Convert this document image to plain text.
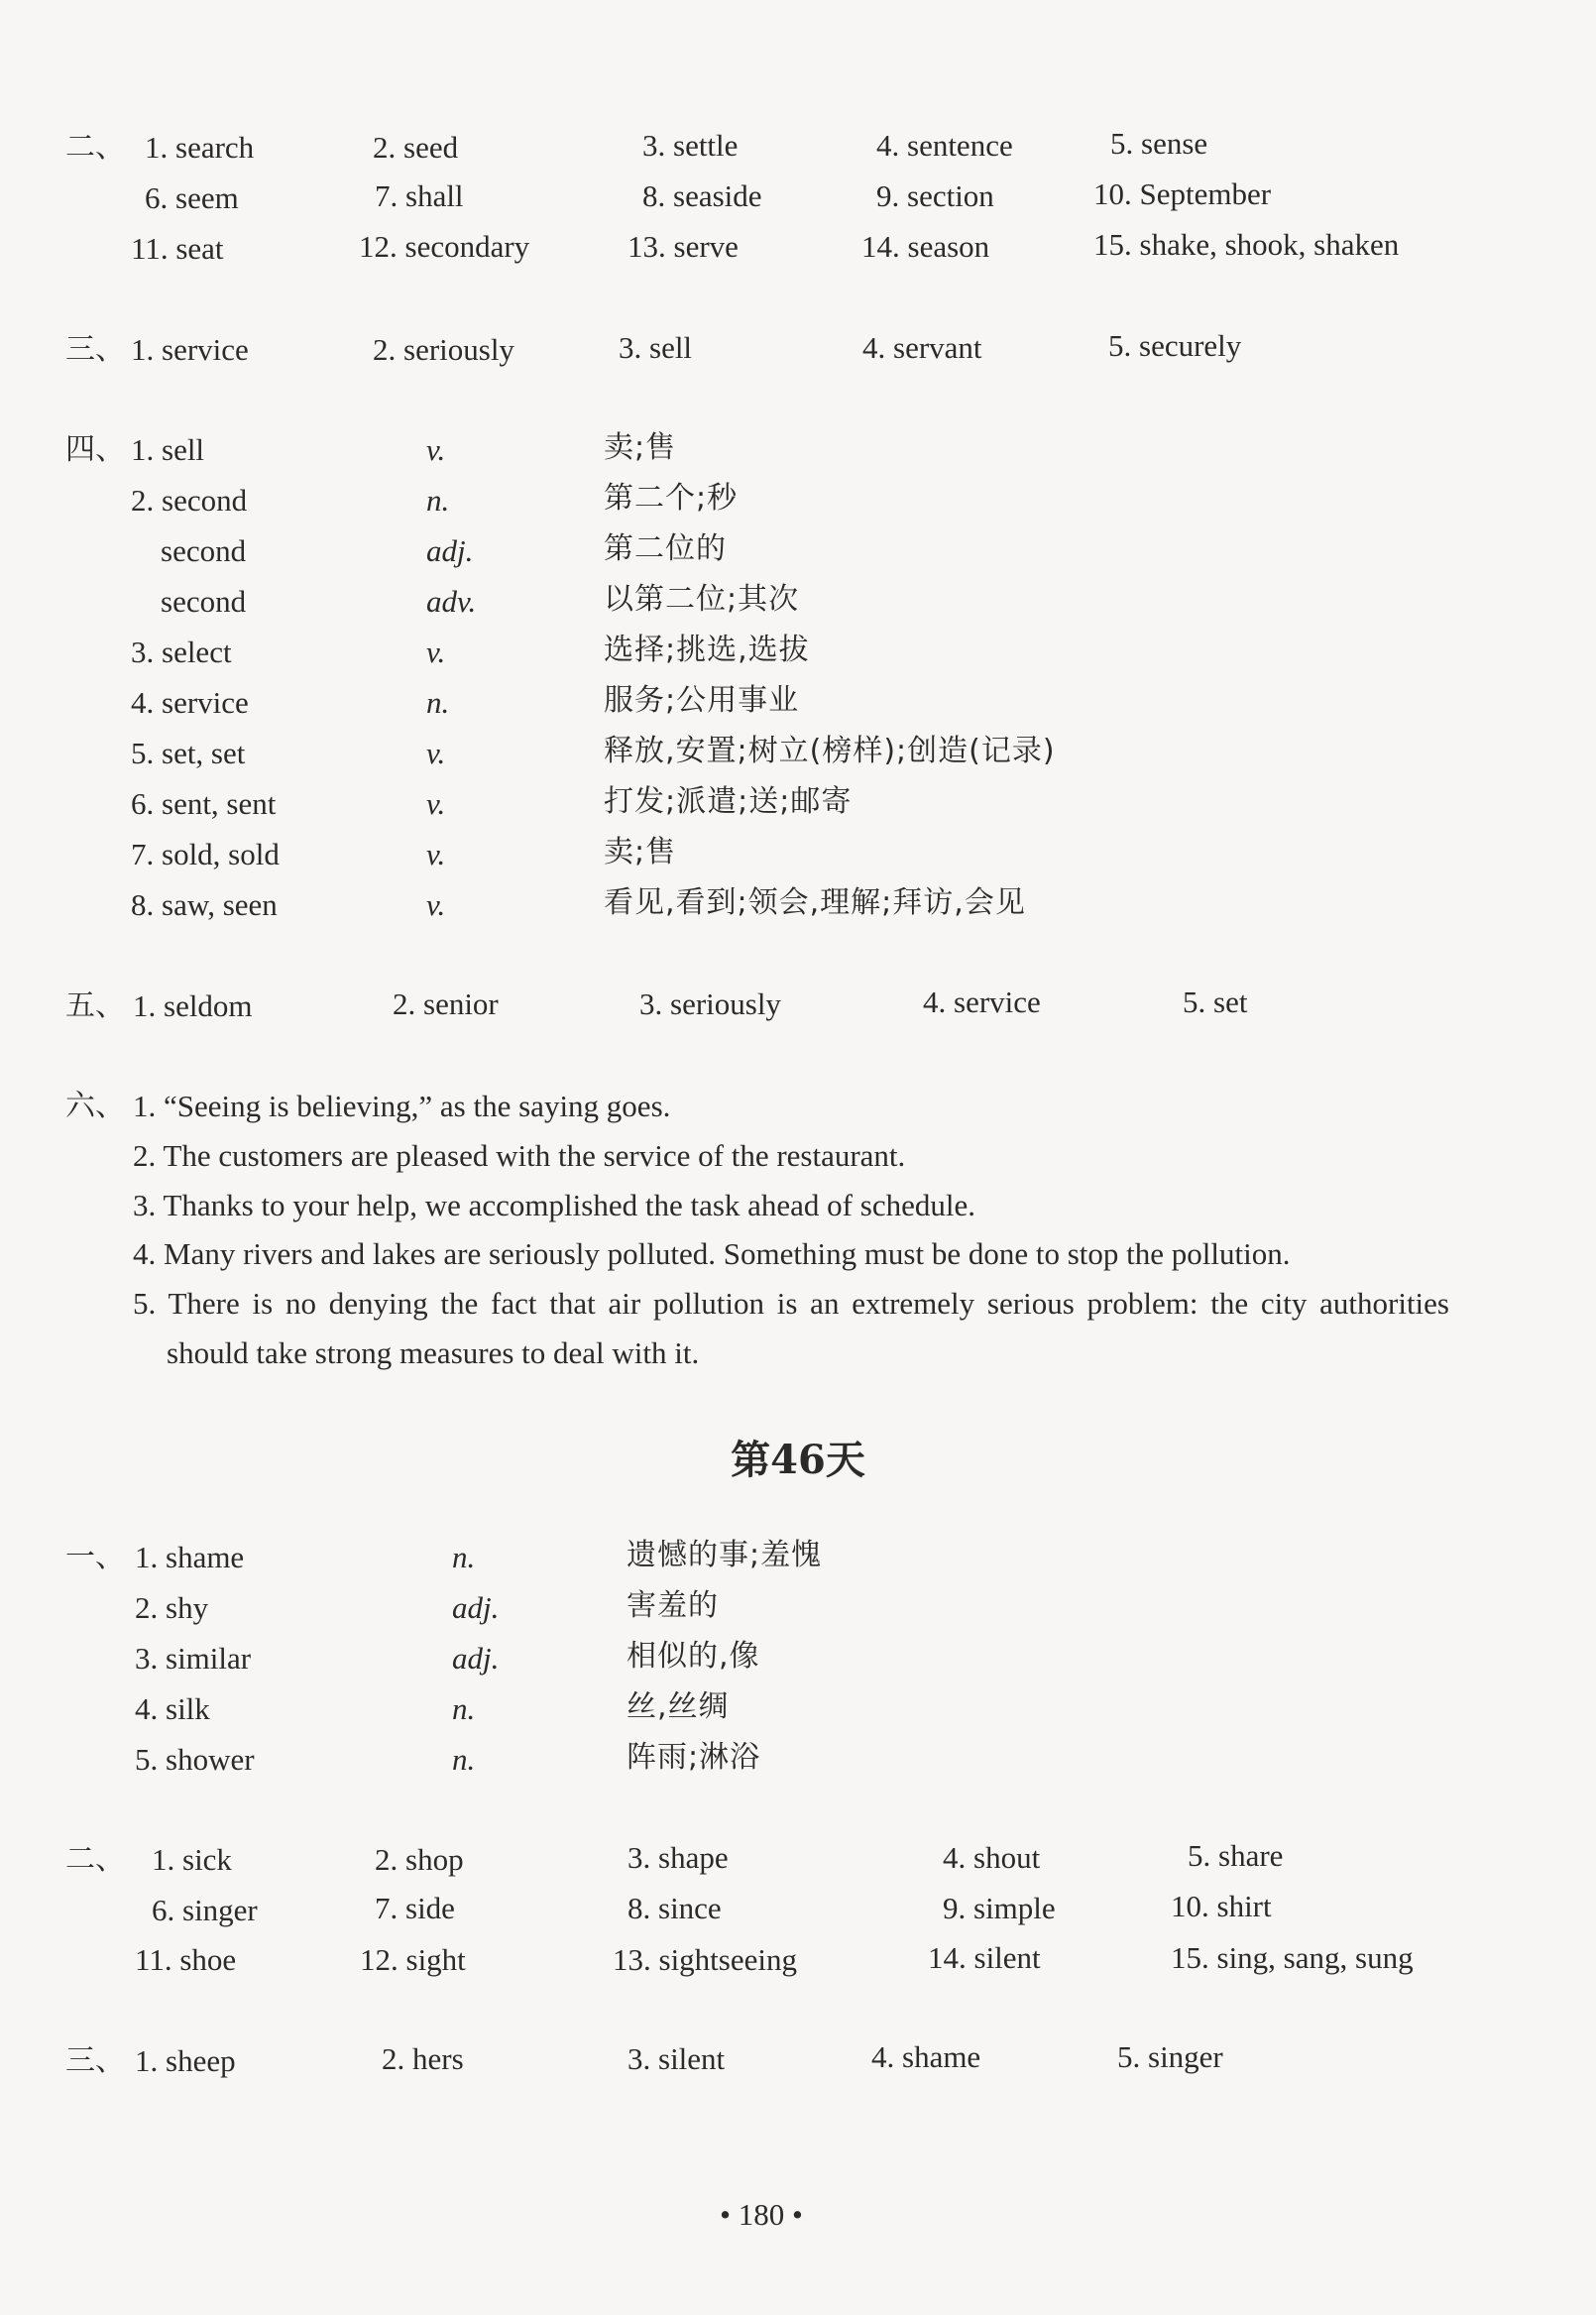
二、 1. search	2. seed	3. settle	4. sentence	5. sense
6. seem	7. shall	8. seaside	9. section	10. September
11. seat	12. secondary	13. serve	14. season	15. shake, shook, shaken
三、 1. service	2. seriously	3. sell	4. servant	5. securely
四、 1. sell	v.	卖;售
2. second	n.	第二个;秒
second	adj.	第二位的
second	adv.	以第二位;其次
3. select	v.	选择;挑选,选拔
4. service	n.	服务;公用事业
5. set, set	v.	释放,安置;树立(榜样);创造(记录)
6. sent, sent	v.	打发;派遣;送;邮寄
7. sold, sold	v.	卖;售
8. saw, seen	v.	看见,看到;领会,理解;拜访,会见
五、 1. seldom	2. senior	3. seriously	4. service	5. set
六、 1. “Seeing is believing,” as the saying goes.
2. The customers are pleased with the service of the restaurant.
3. Thanks to your help, we accomplished the task ahead of schedule.
4. Many rivers and lakes are seriously polluted. Something must be done to stop the pollution.
5. There is no denying the fact that air pollution is an extremely serious problem: the city authorities should take strong measures to deal with it.
第46天
一、 1. shame	n.	遗憾的事;羞愧
2. shy	adj.	害羞的
3. similar	adj.	相似的,像
4. silk	n.	丝,丝绸
5. shower	n.	阵雨;淋浴
二、 1. sick	2. shop	3. shape	4. shout	5. share
6. singer	7. side	8. since	9. simple	10. shirt
11. shoe	12. sight	13. sightseeing	14. silent	15. sing, sang, sung
三、 1. sheep	2. hers	3. silent	4. shame	5. singer
• 180 •
